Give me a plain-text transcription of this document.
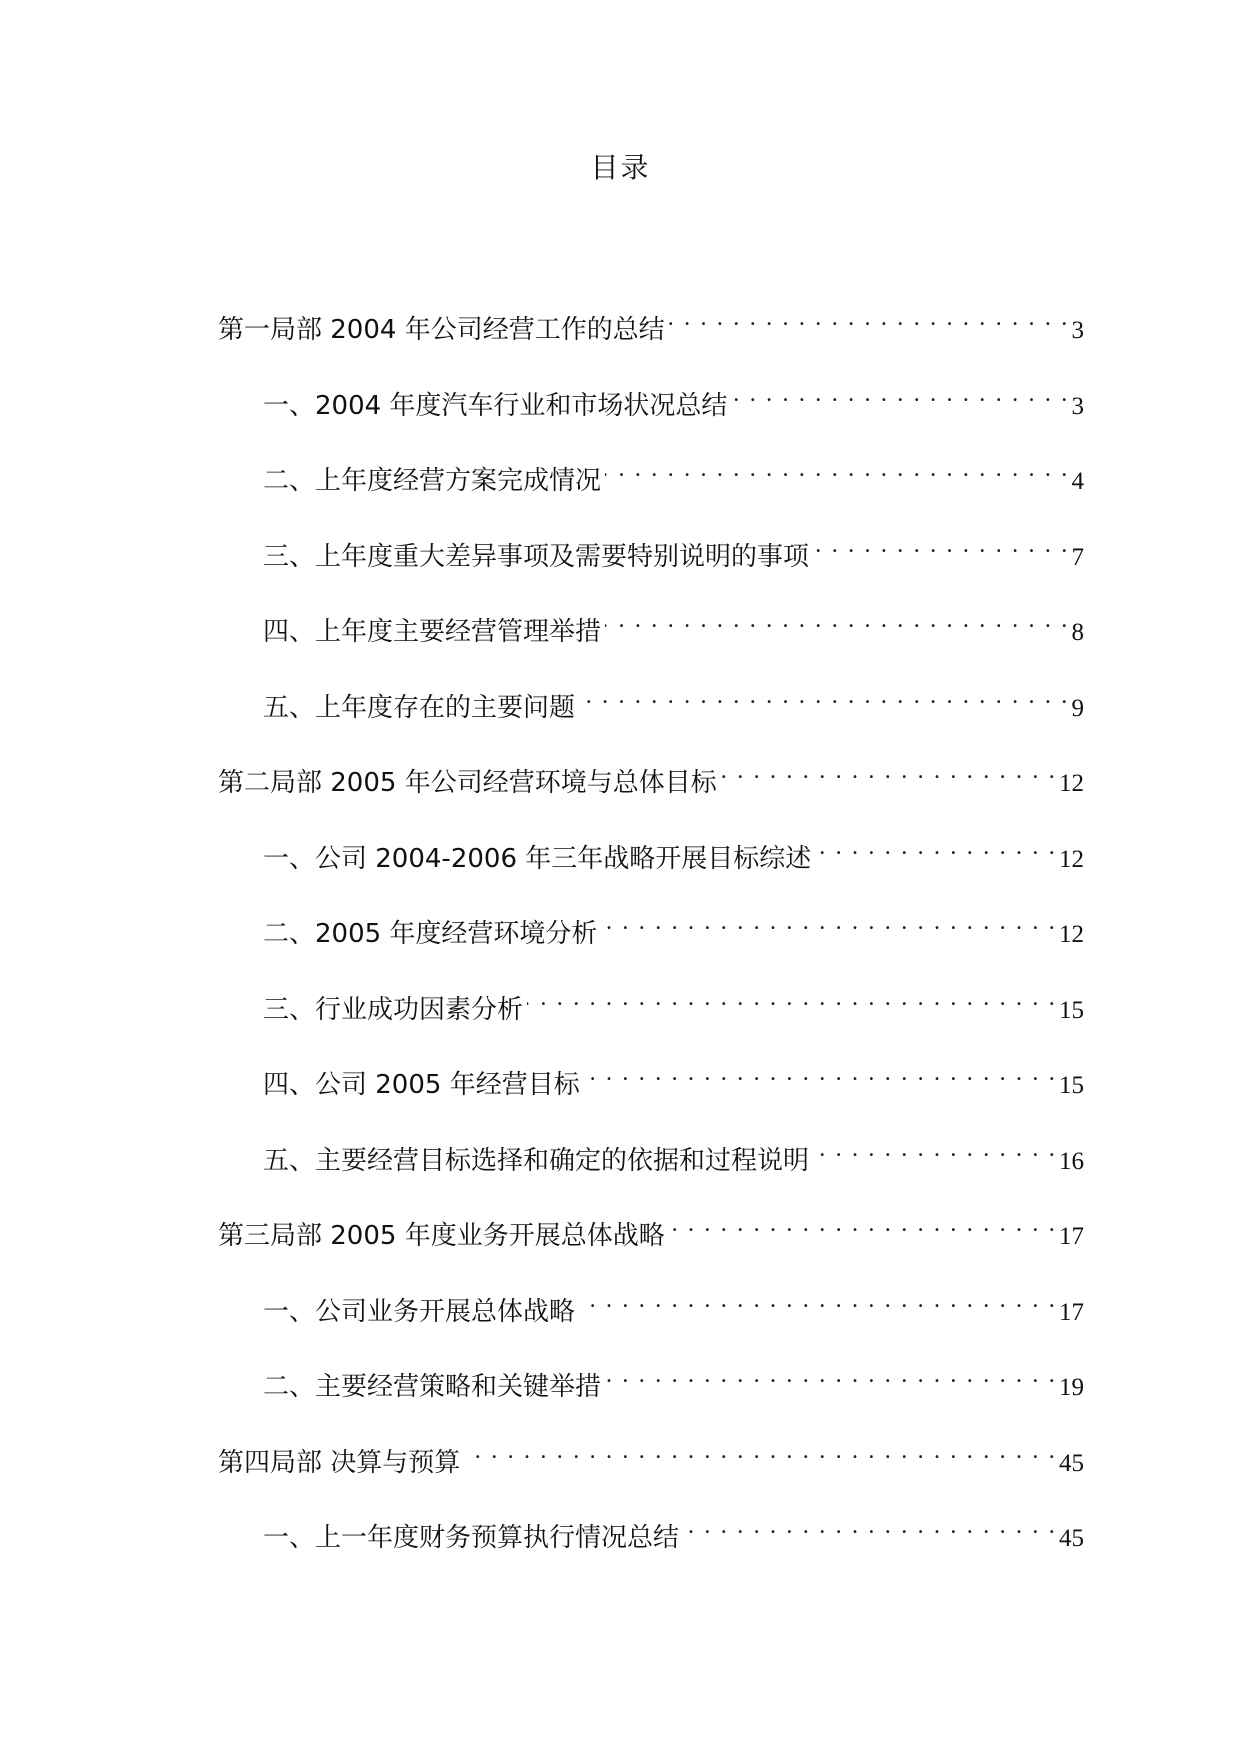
目录
第一局部 2004 年公司经营工作的总结 . . .	3
一、2004 年度汽车行业和市场状况总结 . . .	3
二、上年度经营方案完成情况 . . .	4
三、上年度重大差异事项及需要特别说明的事项 . . .	7
四、上年度主要经营管理举措 . . .	8
五、上年度存在的主要问题 . . .	9
第二局部 2005 年公司经营环境与总体目标 . . .	12
一、公司 2004-2006 年三年战略开展目标综述 . . .	12
二、2005 年度经营环境分析 . . .	12
三、行业成功因素分析 . . .	15
四、公司 2005 年经营目标 . . .	15
五、主要经营目标选择和确定的依据和过程说明 . . .	16
第三局部 2005 年度业务开展总体战略 . . .	17
一、公司业务开展总体战略 . . .	17
二、主要经营策略和关键举措 . . .	19
第四局部 决算与预算 . . .	45
一、上一年度财务预算执行情况总结 . . .	45
